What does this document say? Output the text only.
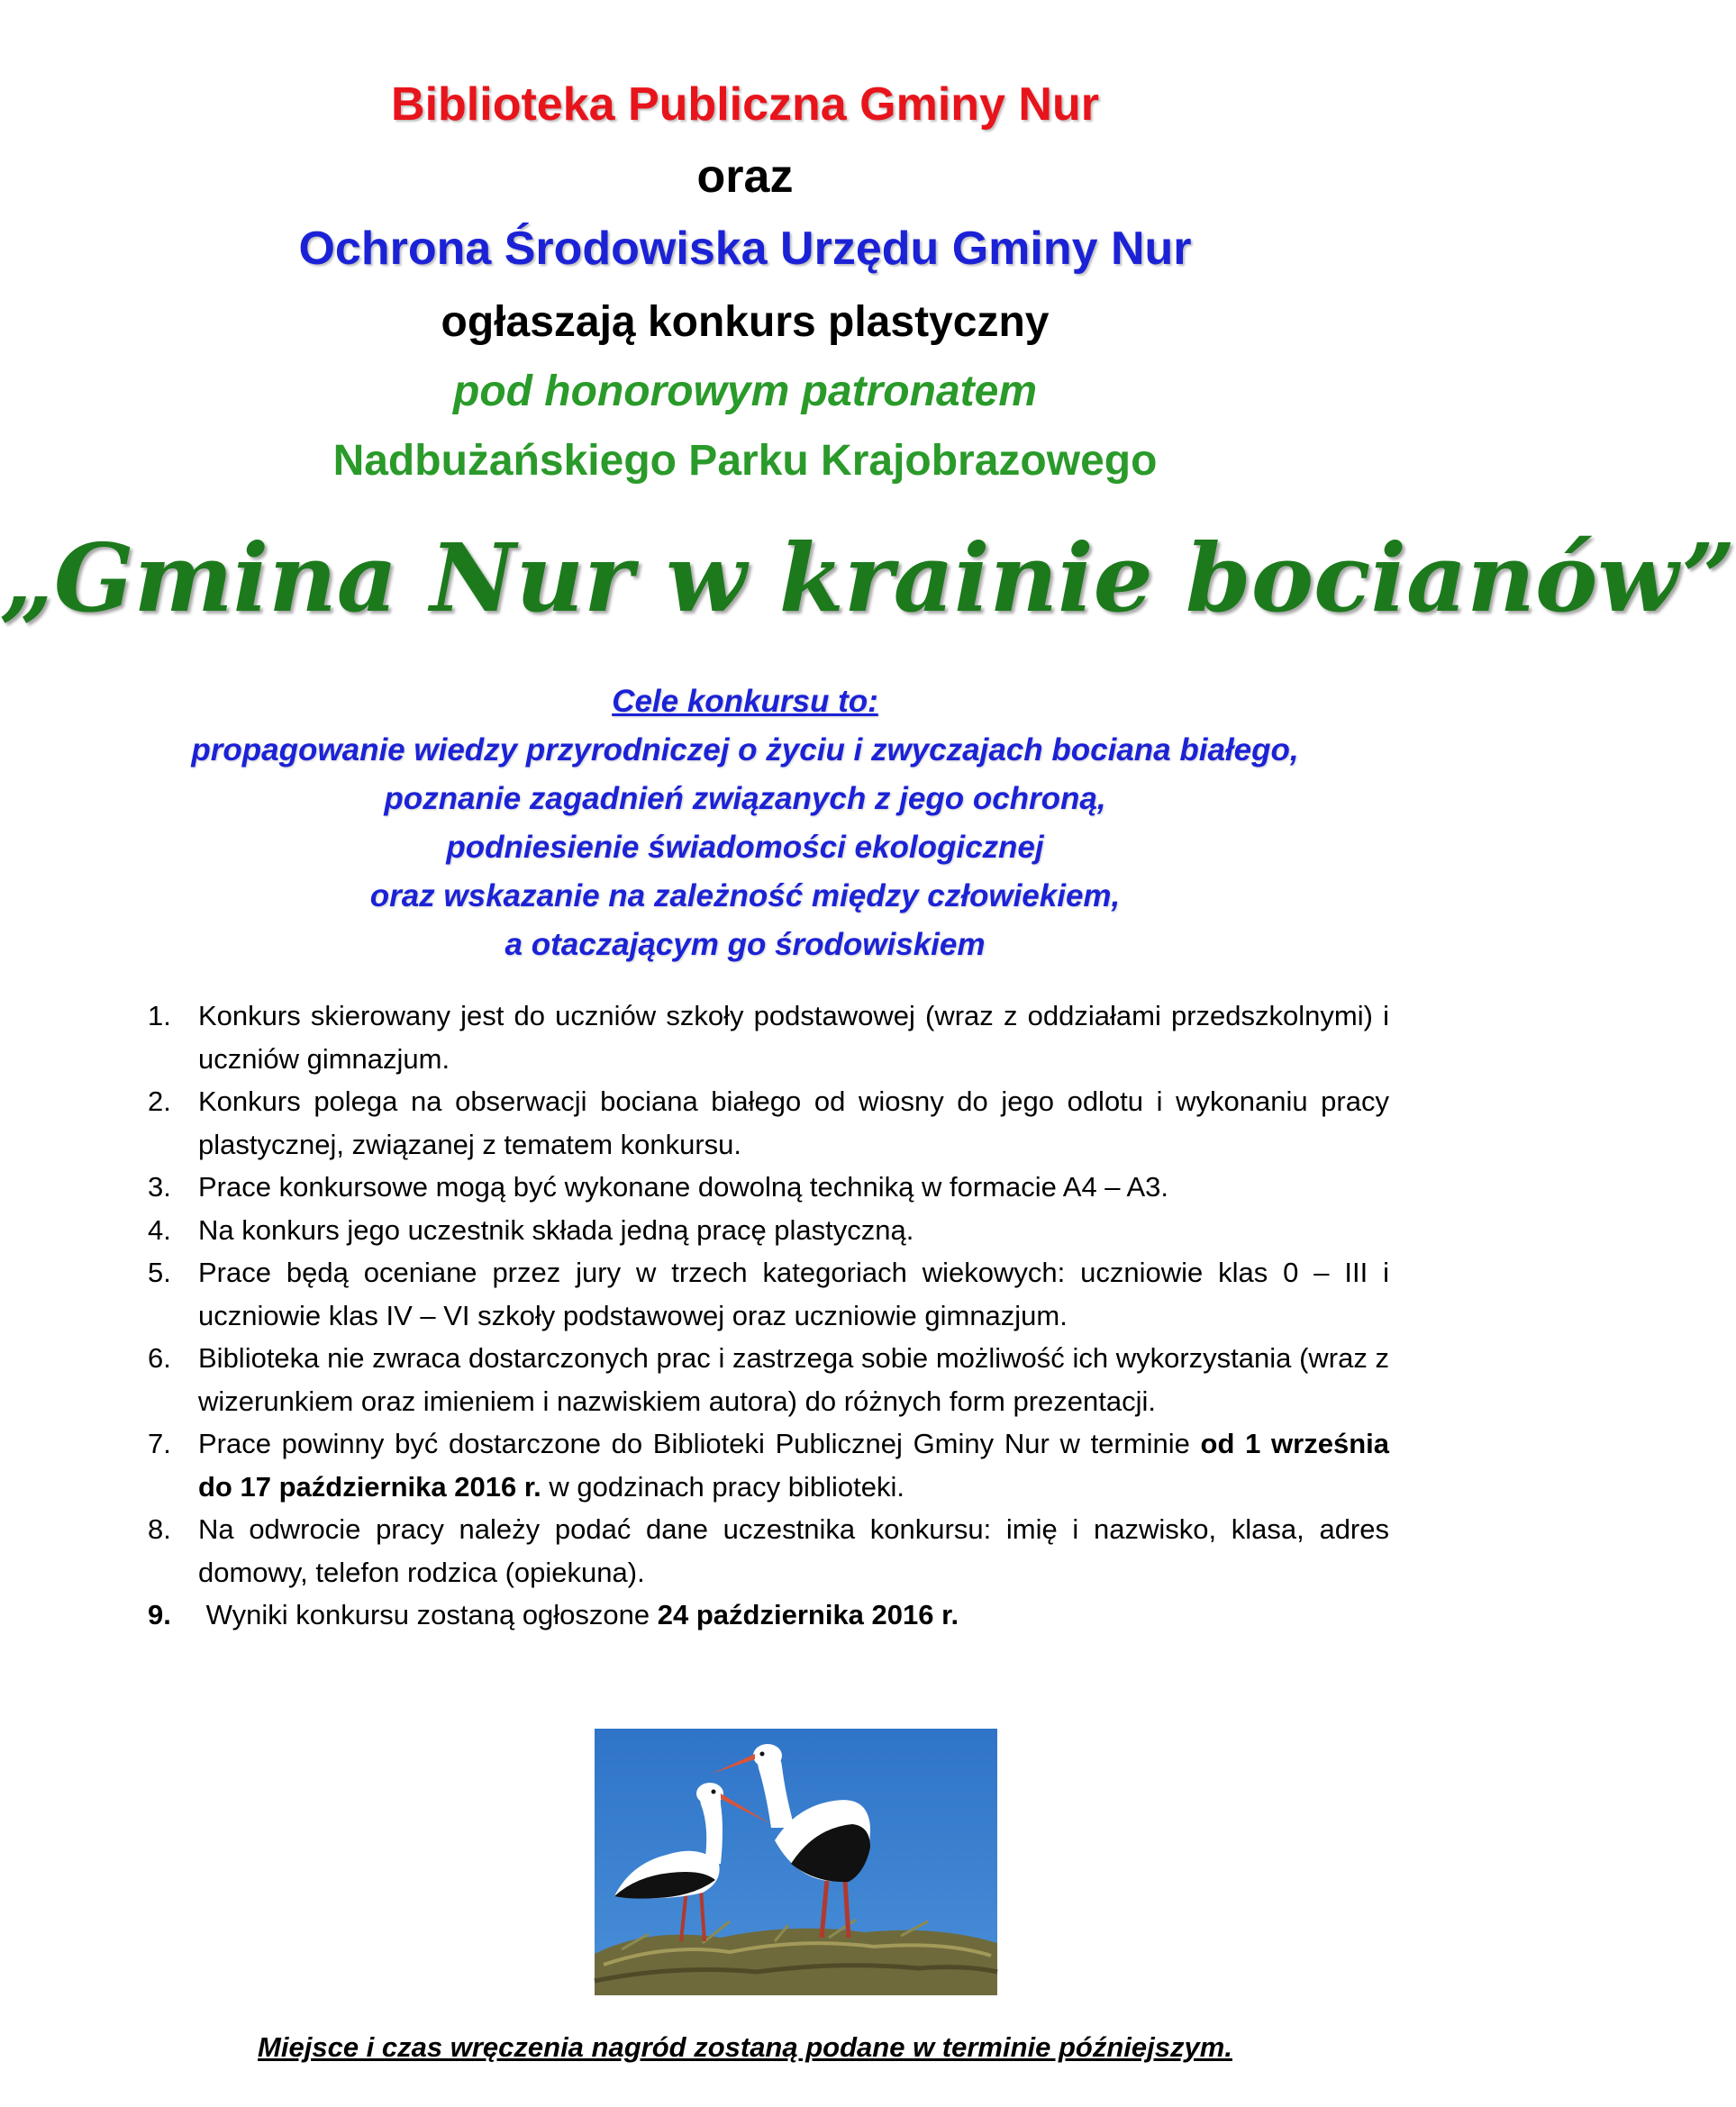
Biblioteka Publiczna Gminy Nur
oraz
Ochrona Środowiska Urzędu Gminy Nur
ogłaszają konkurs plastyczny
pod honorowym patronatem
Nadbużańskiego Parku Krajobrazowego
„Gmina Nur w krainie bocianów”
Cele konkursu to:
propagowanie wiedzy przyrodniczej o życiu i zwyczajach bociana białego,
poznanie zagadnień związanych z jego ochroną,
podniesienie świadomości ekologicznej
oraz wskazanie na zależność między człowiekiem,
a otaczającym go środowiskiem
1. Konkurs skierowany jest do uczniów szkoły podstawowej (wraz z oddziałami przedszkolnymi) i uczniów gimnazjum.
2. Konkurs polega na obserwacji bociana białego od wiosny do jego odlotu i wykonaniu pracy plastycznej, związanej z tematem konkursu.
3. Prace konkursowe mogą być wykonane dowolną techniką w formacie A4 – A3.
4. Na konkurs jego uczestnik składa jedną pracę plastyczną.
5. Prace będą oceniane przez jury w trzech kategoriach wiekowych: uczniowie klas 0 – III i uczniowie klas IV – VI szkoły podstawowej oraz uczniowie gimnazjum.
6. Biblioteka nie zwraca dostarczonych prac i zastrzega sobie możliwość ich wykorzystania (wraz z wizerunkiem oraz imieniem i nazwiskiem autora) do różnych form prezentacji.
7. Prace powinny być dostarczone do Biblioteki Publicznej Gminy Nur w terminie od 1 września do 17 października 2016 r. w godzinach pracy biblioteki.
8. Na odwrocie pracy należy podać dane uczestnika konkursu: imię i nazwisko, klasa, adres domowy, telefon rodzica (opiekuna).
9. Wyniki konkursu zostaną ogłoszone 24 października 2016 r.
Miejsce i czas wręczenia nagród zostaną podane w terminie późniejszym.
